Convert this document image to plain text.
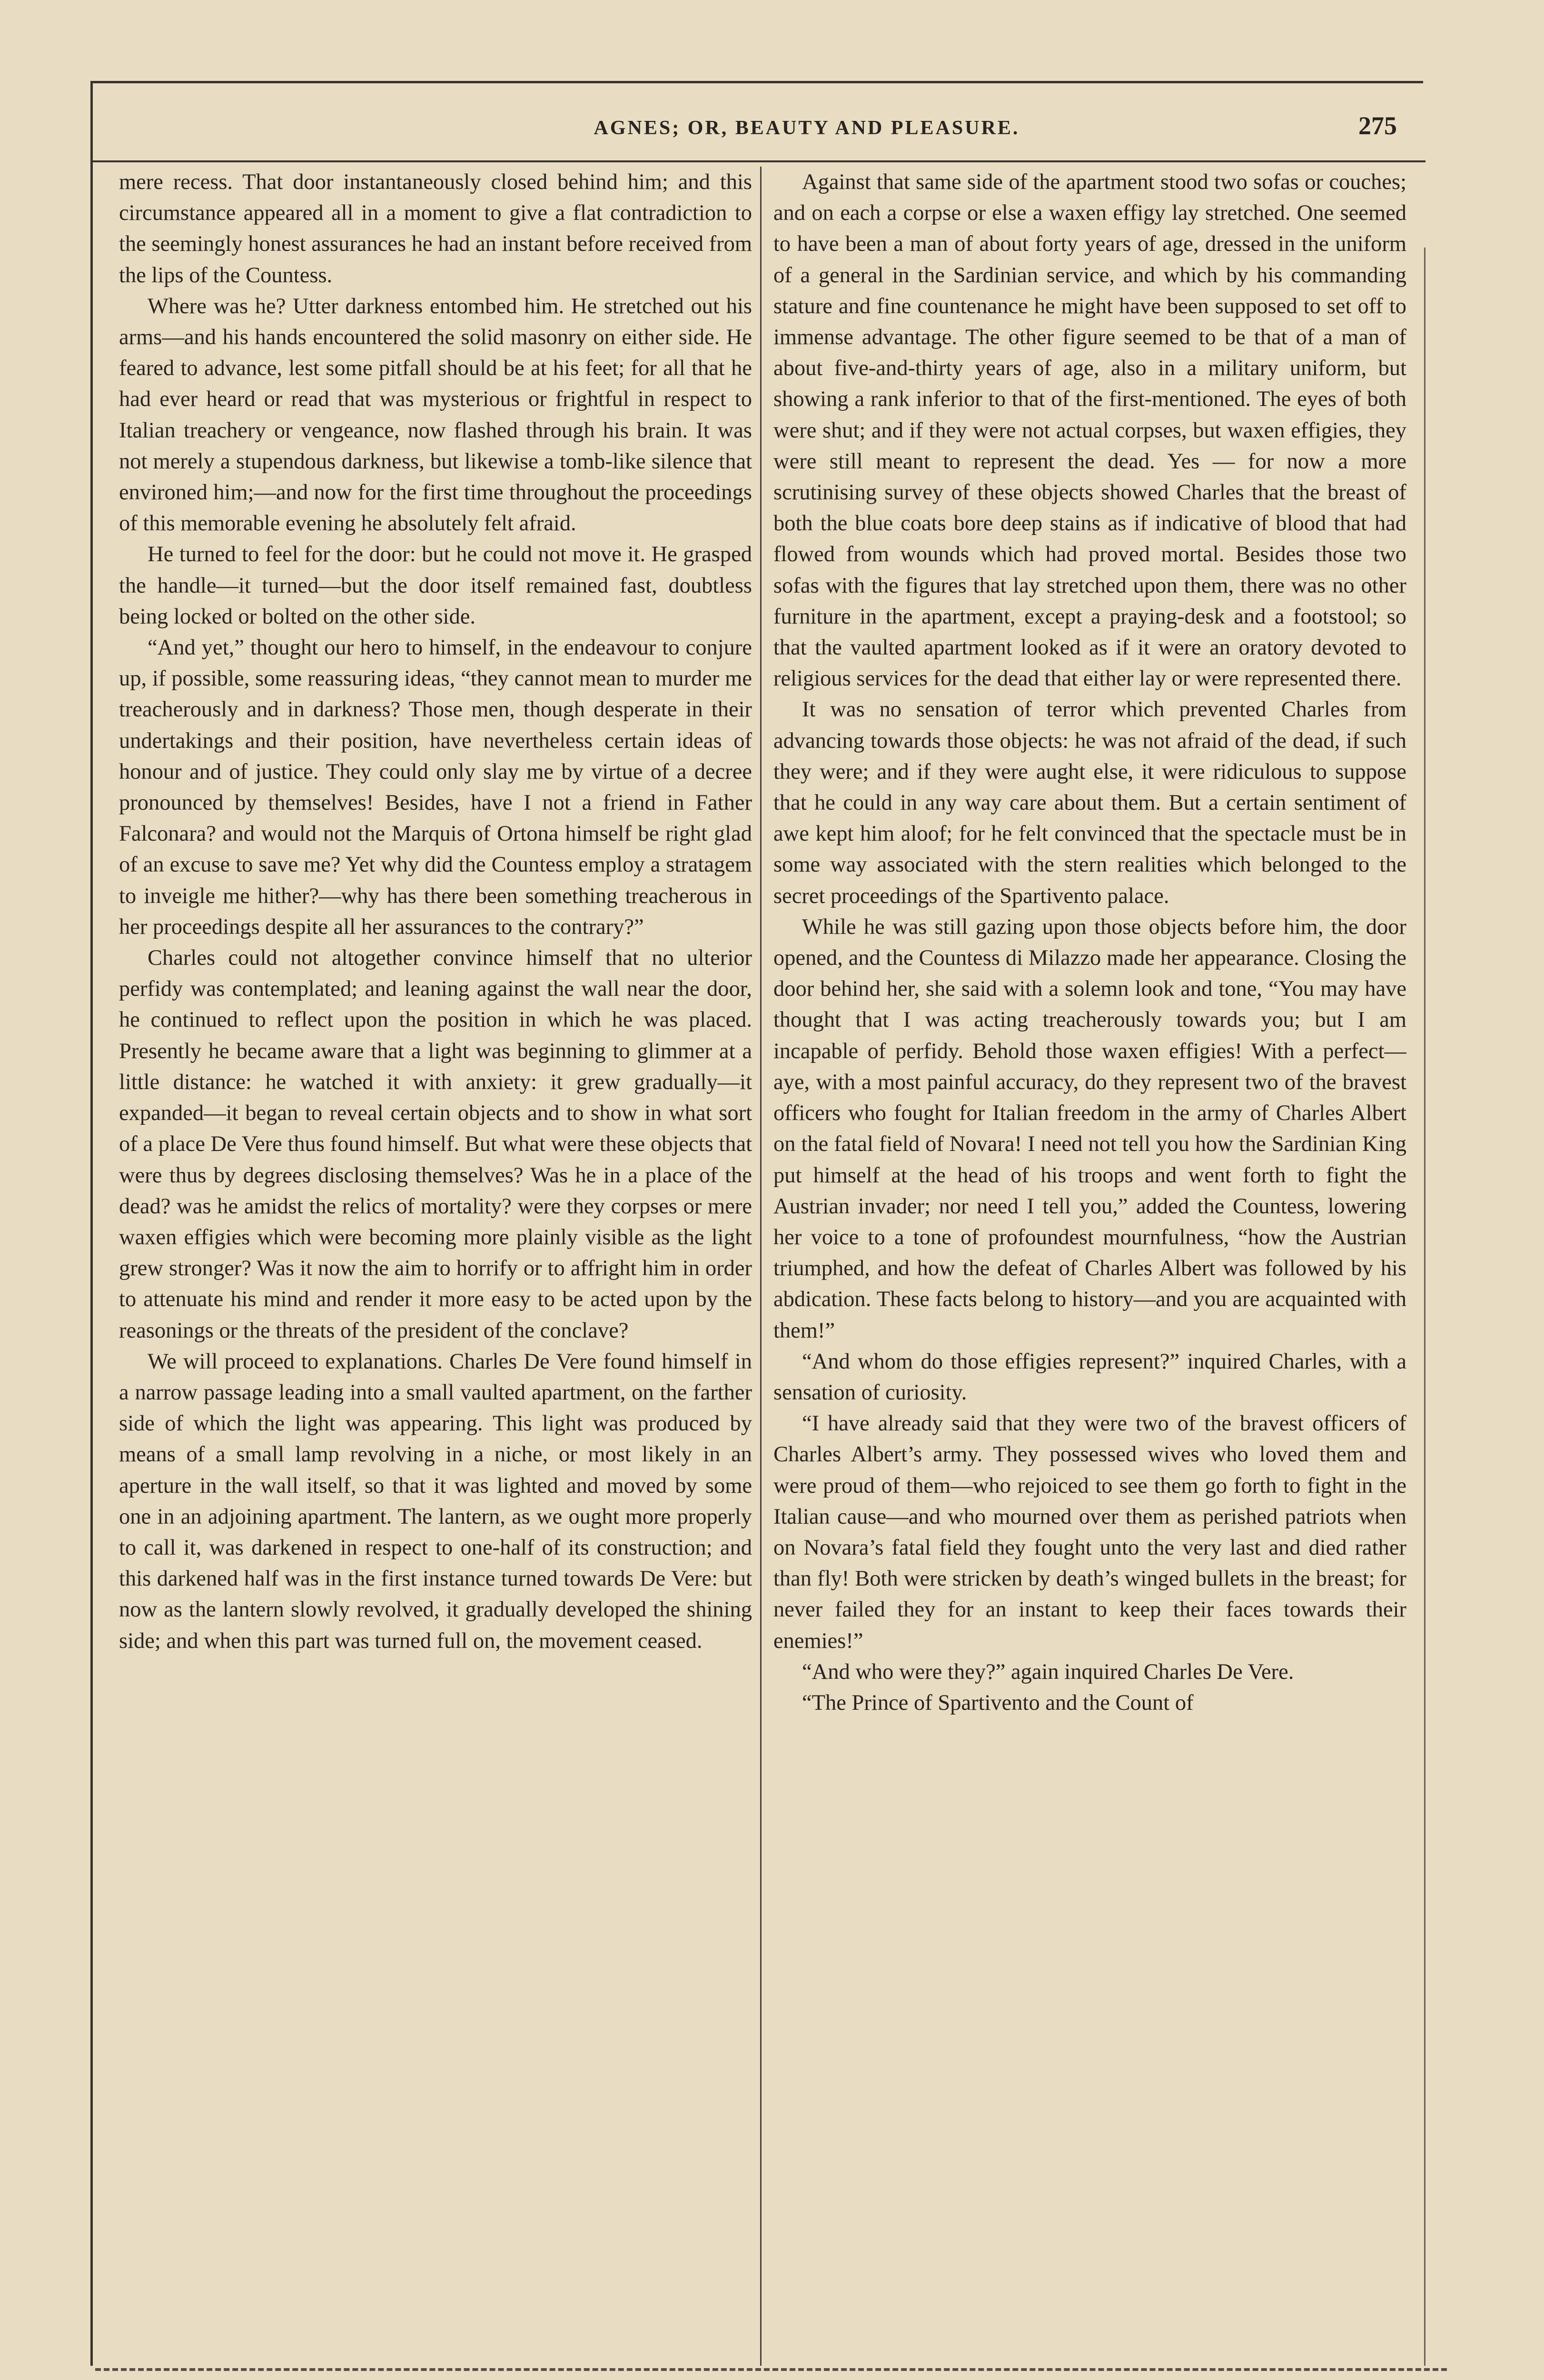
AGNES; OR, BEAUTY AND PLEASURE.	275

mere recess. That door instantaneously closed behind him; and this circumstance appeared all in a moment to give a flat contradiction to the seemingly honest assurances he had an instant before received from the lips of the Countess.

Where was he? Utter darkness entombed him. He stretched out his arms—and his hands encountered the solid masonry on either side. He feared to advance, lest some pitfall should be at his feet; for all that he had ever heard or read that was mysterious or frightful in respect to Italian treachery or vengeance, now flashed through his brain. It was not merely a stupendous darkness, but likewise a tomb-like silence that environed him;—and now for the first time throughout the proceedings of this memorable evening he absolutely felt afraid.

He turned to feel for the door: but he could not move it. He grasped the handle—it turned—but the door itself remained fast, doubtless being locked or bolted on the other side.

“And yet,” thought our hero to himself, in the endeavour to conjure up, if possible, some reassuring ideas, “they cannot mean to murder me treacherously and in darkness? Those men, though desperate in their undertakings and their position, have nevertheless certain ideas of honour and of justice. They could only slay me by virtue of a decree pronounced by themselves! Besides, have I not a friend in Father Falconara? and would not the Marquis of Ortona himself be right glad of an excuse to save me? Yet why did the Countess employ a stratagem to inveigle me hither?—why has there been something treacherous in her proceedings despite all her assurances to the contrary?”

Charles could not altogether convince himself that no ulterior perfidy was contemplated; and leaning against the wall near the door, he continued to reflect upon the position in which he was placed. Presently he became aware that a light was beginning to glimmer at a little distance: he watched it with anxiety: it grew gradually—it expanded—it began to reveal certain objects and to show in what sort of a place De Vere thus found himself. But what were these objects that were thus by degrees disclosing themselves? Was he in a place of the dead? was he amidst the relics of mortality? were they corpses or mere waxen effigies which were becoming more plainly visible as the light grew stronger? Was it now the aim to horrify or to affright him in order to attenuate his mind and render it more easy to be acted upon by the reasonings or the threats of the president of the conclave?

We will proceed to explanations. Charles De Vere found himself in a narrow passage leading into a small vaulted apartment, on the farther side of which the light was appearing. This light was produced by means of a small lamp revolving in a niche, or most likely in an aperture in the wall itself, so that it was lighted and moved by some one in an adjoining apartment. The lantern, as we ought more properly to call it, was darkened in respect to one-half of its construction; and this darkened half was in the first instance turned towards De Vere: but now as the lantern slowly revolved, it gradually developed the shining side; and when this part was turned full on, the movement ceased.

Against that same side of the apartment stood two sofas or couches; and on each a corpse or else a waxen effigy lay stretched. One seemed to have been a man of about forty years of age, dressed in the uniform of a general in the Sardinian service, and which by his commanding stature and fine countenance he might have been supposed to set off to immense advantage. The other figure seemed to be that of a man of about five-and-thirty years of age, also in a military uniform, but showing a rank inferior to that of the first-mentioned. The eyes of both were shut; and if they were not actual corpses, but waxen effigies, they were still meant to represent the dead. Yes — for now a more scrutinising survey of these objects showed Charles that the breast of both the blue coats bore deep stains as if indicative of blood that had flowed from wounds which had proved mortal. Besides those two sofas with the figures that lay stretched upon them, there was no other furniture in the apartment, except a praying-desk and a footstool; so that the vaulted apartment looked as if it were an oratory devoted to religious services for the dead that either lay or were represented there.

It was no sensation of terror which prevented Charles from advancing towards those objects: he was not afraid of the dead, if such they were; and if they were aught else, it were ridiculous to suppose that he could in any way care about them. But a certain sentiment of awe kept him aloof; for he felt convinced that the spectacle must be in some way associated with the stern realities which belonged to the secret proceedings of the Spartivento palace.

While he was still gazing upon those objects before him, the door opened, and the Countess di Milazzo made her appearance. Closing the door behind her, she said with a solemn look and tone, “You may have thought that I was acting treacherously towards you; but I am incapable of perfidy. Behold those waxen effigies! With a perfect—aye, with a most painful accuracy, do they represent two of the bravest officers who fought for Italian freedom in the army of Charles Albert on the fatal field of Novara! I need not tell you how the Sardinian King put himself at the head of his troops and went forth to fight the Austrian invader; nor need I tell you,” added the Countess, lowering her voice to a tone of profoundest mournfulness, “how the Austrian triumphed, and how the defeat of Charles Albert was followed by his abdication. These facts belong to history—and you are acquainted with them!”

“And whom do those effigies represent?” inquired Charles, with a sensation of curiosity.

“I have already said that they were two of the bravest officers of Charles Albert’s army. They possessed wives who loved them and were proud of them—who rejoiced to see them go forth to fight in the Italian cause—and who mourned over them as perished patriots when on Novara’s fatal field they fought unto the very last and died rather than fly! Both were stricken by death’s winged bullets in the breast; for never failed they for an instant to keep their faces towards their enemies!”

“And who were they?” again inquired Charles De Vere.

“The Prince of Spartivento and the Count of
